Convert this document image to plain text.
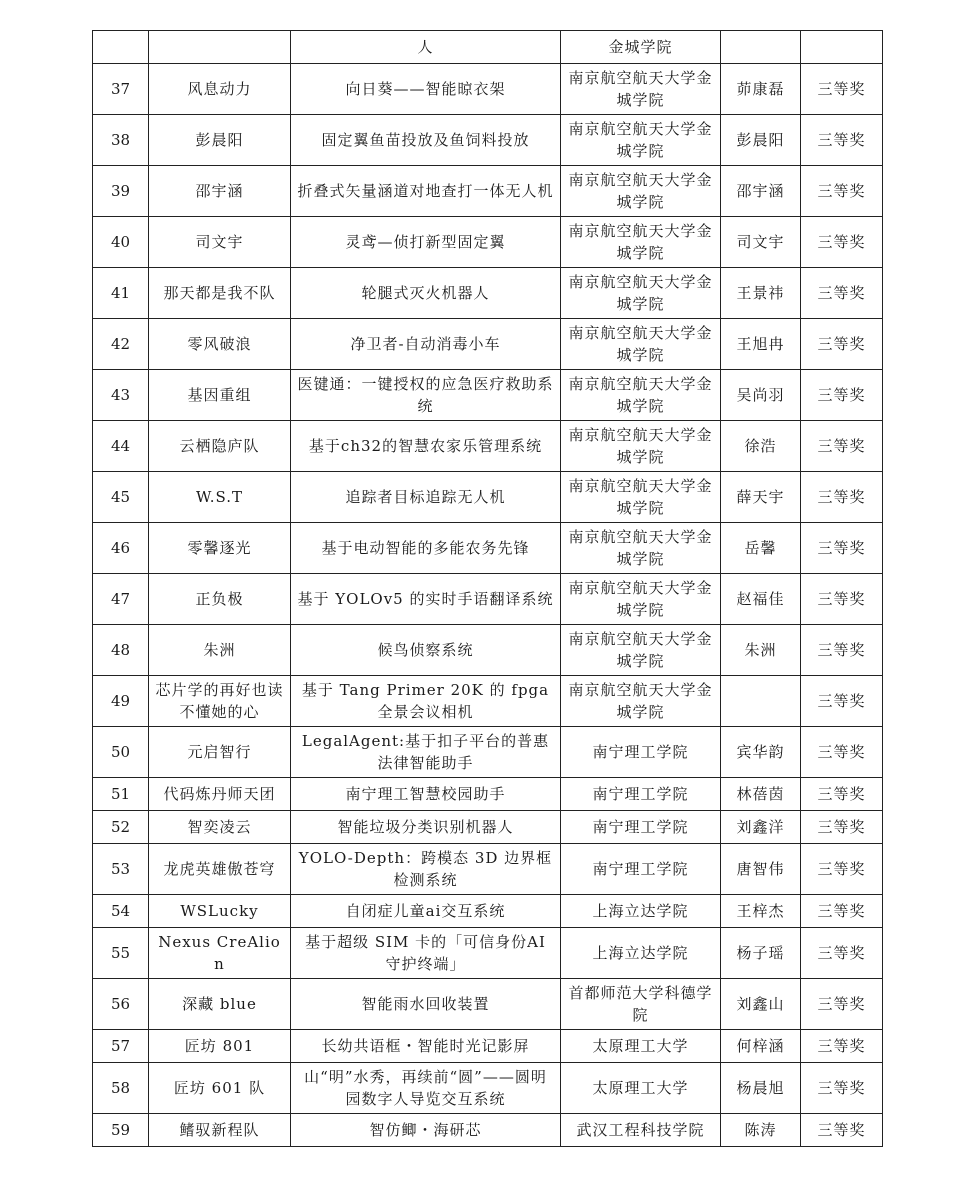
		人	金城学院		
37	风息动力	向日葵——智能晾衣架	南京航空航天大学金城学院	茆康磊	三等奖
38	彭晨阳	固定翼鱼苗投放及鱼饲料投放	南京航空航天大学金城学院	彭晨阳	三等奖
39	邵宇涵	折叠式矢量涵道对地查打一体无人机	南京航空航天大学金城学院	邵宇涵	三等奖
40	司文宇	灵鸢—侦打新型固定翼	南京航空航天大学金城学院	司文宇	三等奖
41	那天都是我不队	轮腿式灭火机器人	南京航空航天大学金城学院	王景祎	三等奖
42	零风破浪	净卫者-自动消毒小车	南京航空航天大学金城学院	王旭冉	三等奖
43	基因重组	医键通：一键授权的应急医疗救助系统	南京航空航天大学金城学院	吴尚羽	三等奖
44	云栖隐庐队	基于ch32的智慧农家乐管理系统	南京航空航天大学金城学院	徐浩	三等奖
45	W.S.T	追踪者目标追踪无人机	南京航空航天大学金城学院	薛天宇	三等奖
46	零馨逐光	基于电动智能的多能农务先锋	南京航空航天大学金城学院	岳馨	三等奖
47	正负极	基于 YOLOv5 的实时手语翻译系统	南京航空航天大学金城学院	赵福佳	三等奖
48	朱洲	候鸟侦察系统	南京航空航天大学金城学院	朱洲	三等奖
49	芯片学的再好也读不懂她的心	基于 Tang Primer 20K 的 fpga 全景会议相机	南京航空航天大学金城学院		三等奖
50	元启智行	LegalAgent:基于扣子平台的普惠法律智能助手	南宁理工学院	宾华韵	三等奖
51	代码炼丹师天团	南宁理工智慧校园助手	南宁理工学院	林蓓茵	三等奖
52	智奕凌云	智能垃圾分类识别机器人	南宁理工学院	刘鑫洋	三等奖
53	龙虎英雄傲苍穹	YOLO-Depth：跨模态 3D 边界框检测系统	南宁理工学院	唐智伟	三等奖
54	WSLucky	自闭症儿童ai交互系统	上海立达学院	王梓杰	三等奖
55	Nexus CreAlion	基于超级 SIM 卡的「可信身份AI 守护终端」	上海立达学院	杨子瑶	三等奖
56	深藏 blue	智能雨水回收装置	首都师范大学科德学院	刘鑫山	三等奖
57	匠坊 801	长幼共语框・智能时光记影屏	太原理工大学	何梓涵	三等奖
58	匠坊 601 队	山“明”水秀，再续前“圆”——圆明园数字人导览交互系统	太原理工大学	杨晨旭	三等奖
59	鳍驭新程队	智仿鲫・海研芯	武汉工程科技学院	陈涛	三等奖
